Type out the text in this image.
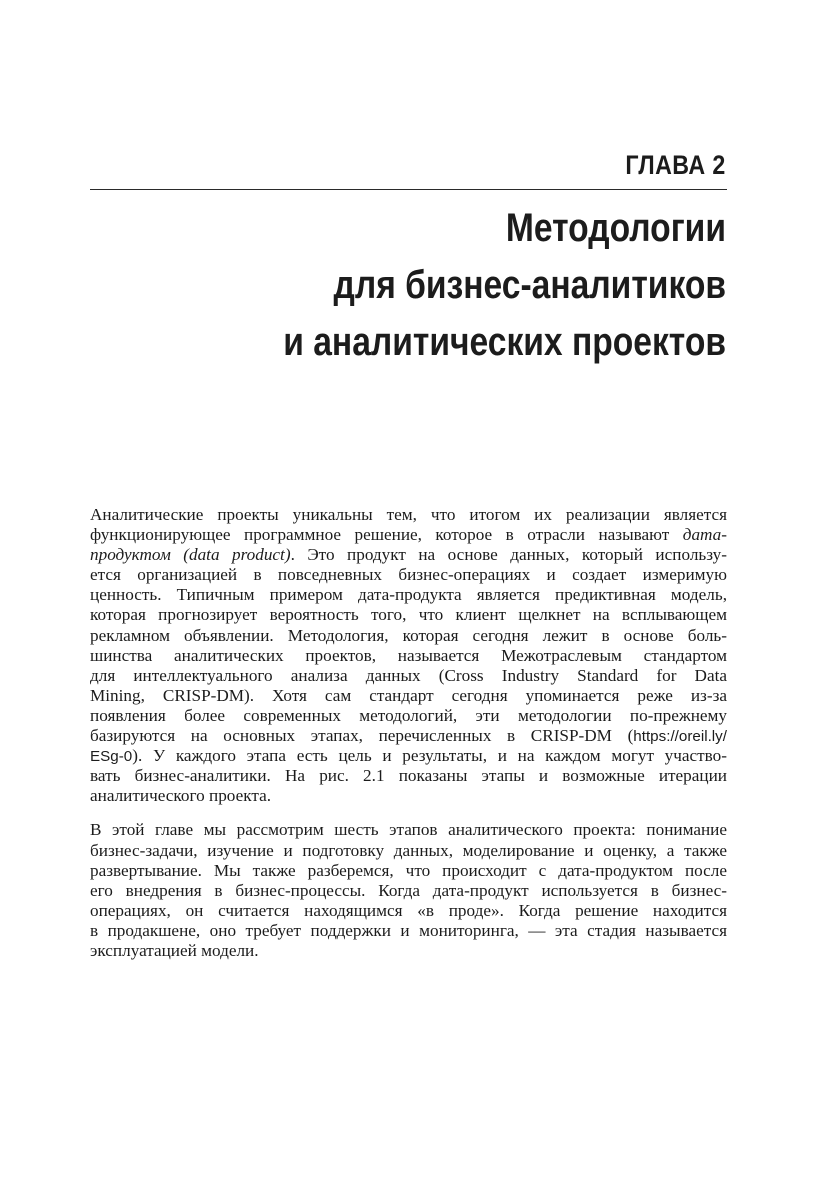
ГЛАВА 2
Методологии
для бизнес-аналитиков
и аналитических проектов
Аналитические проекты уникальны тем, что итогом их реализации является
функционирующее программное решение, которое в отрасли называют дата-
продуктом (data product). Это продукт на основе данных, который использу-
ется организацией в повседневных бизнес-операциях и создает измеримую
ценность. Типичным примером дата-продукта является предиктивная модель,
которая прогнозирует вероятность того, что клиент щелкнет на всплывающем
рекламном объявлении. Методология, которая сегодня лежит в основе боль-
шинства аналитических проектов, называется Межотраслевым стандартом
для интеллектуального анализа данных (Cross Industry Standard for Data
Mining, CRISP-DM). Хотя сам стандарт сегодня упоминается реже из-за
появления более современных методологий, эти методологии по-прежнему
базируются на основных этапах, перечисленных в CRISP-DM (https://oreil.ly/
ESg-0). У каждого этапа есть цель и результаты, и на каждом могут участво-
вать бизнес-аналитики. На рис. 2.1 показаны этапы и возможные итерации
аналитического проекта.
В этой главе мы рассмотрим шесть этапов аналитического проекта: понимание
бизнес-задачи, изучение и подготовку данных, моделирование и оценку, а также
развертывание. Мы также разберемся, что происходит с дата-продуктом после
его внедрения в бизнес-процессы. Когда дата-продукт используется в бизнес-
операциях, он считается находящимся «в проде». Когда решение находится
в продакшене, оно требует поддержки и мониторинга, — эта стадия называется
эксплуатацией модели.
